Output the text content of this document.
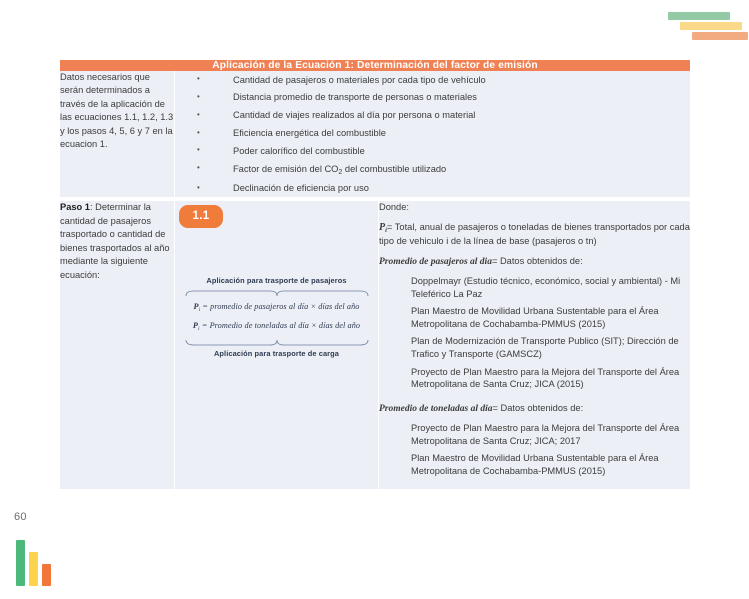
Aplicación de la Ecuación 1: Determinación del factor de emisión		
Datos necesarios que serán determinados a través de la aplicación de las ecuaciones 1.1, 1.2, 1.3 y los pasos 4, 5, 6 y 7 en la ecuacion 1.	
• Cantidad de pasajeros o materiales por cada tipo de vehículo
• Distancia promedio de transporte de personas o materiales
• Cantidad de viajes realizados al día por persona o material
• Eficiencia energética del combustible
• Poder calorífico del combustible
• Factor de emisión del $CO_2$ del combustible utilizado
• Declinación de eficiencia por uso

Paso 1: Determinar la cantidad de pasajeros trasportado o cantidad de bienes trasportados al año mediante la siguiente ecuación:	
1.1
Aplicación para trasporte de pasajeros
$P_i$ = promedio de pasajeros al día × días del año
$P_i$ = Promedio de toneladas al día × días del año
Aplicación para trasporte de carga

Donde:

$P_i=$ Total, anual de pasajeros o toneladas de bienes transportados por cada tipo de vehiculo i de la línea de base (pasajeros o tn)

Promedio de pasajeros al dia= Datos obtenidos de:

Doppelmayr (Estudio técnico, económico, social y ambiental) - Mi Teleférico La Paz
Plan Maestro de Movilidad Urbana Sustentable para el Área Metropolitana de Cochabamba-PMMUS (2015)
Plan de Modernización de Transporte Publico (SIT); Dirección de Trafico y Transporte (GAMSCZ)
Proyecto de Plan Maestro para la Mejora del Transporte del Área Metropolitana de Santa Cruz; JICA (2015)

Promedio de toneladas al dia= Datos obtenidos de:

Proyecto de Plan Maestro para la Mejora del Transporte del Área Metropolitana de Santa Cruz; JICA; 2017
Plan Maestro de Movilidad Urbana Sustentable para el Área Metropolitana de Cochabamba-PMMUS (2015)
60
